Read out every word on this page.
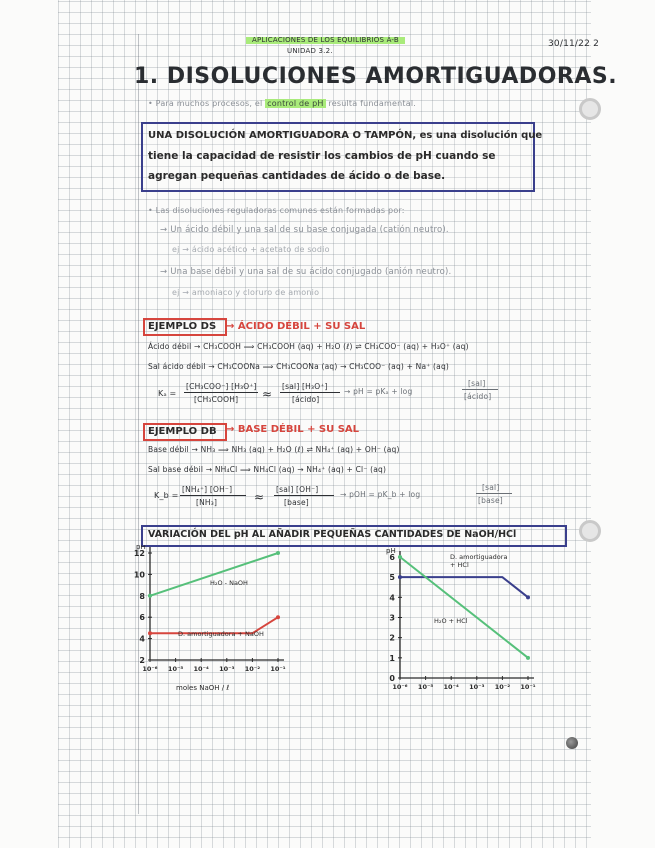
APLICACIONES DE LOS EQUILIBRIOS Á-B
UNIDAD 3.2.
30/11/22 2
1. DISOLUCIONES AMORTIGUADORAS.
• Para muchos procesos, el control de pH resulta fundamental.
UNA DISOLUCIÓN AMORTIGUADORA O TAMPÓN, es una disolución que
tiene la capacidad de resistir los cambios de pH cuando se
agregan pequeñas cantidades de ácido o de base.
• Las disoluciones reguladoras comunes están formadas por:
→ Un ácido débil y una sal de su base conjugada (catión neutro).
ej → ácido acético + acetato de sodio
→ Una base débil y una sal de su ácido conjugado (anión neutro).
ej → amoniaco y cloruro de amonio
EJEMPLO DS → ÁCIDO DÉBIL + SU SAL
Ácido débil → CH₃COOH ⟹ CH₃COOH (aq) + H₂O (ℓ) ⇌ CH₃COO⁻ (aq) + H₃O⁺ (aq)
Sal ácido débil → CH₃COONa ⟹ CH₃COONa (aq) → CH₃COO⁻ (aq) + Na⁺ (aq)
Kₐ =
[CH₃COO⁻] [H₃O⁺]
[CH₃COOH] ≈
[sal] [H₃O⁺]
[ácido]
→ pH = pKₐ + log
[sal]
[ácido]
EJEMPLO DB → BASE DÉBIL + SU SAL
Base débil → NH₃ ⟹ NH₃ (aq) + H₂O (ℓ) ⇌ NH₄⁺ (aq) + OH⁻ (aq)
Sal base débil → NH₄Cl ⟹ NH₄Cl (aq) → NH₄⁺ (aq) + Cl⁻ (aq)
K_b =
[NH₄⁺] [OH⁻]
[NH₃]	≈
[sal] [OH⁻]
[base]
→ pOH = pK_b + log
[sal]
[base]
VARIACIÓN DEL pH AL AÑADIR PEQUEÑAS CANTIDADES DE NaOH/HCl
2
4
6
8
10
12
10⁻⁶ 10⁻⁵ 10⁻⁴ 10⁻³ 10⁻² 10⁻¹
pH
H₂O - NaOH
D. amortiguadora + NaOH
moles NaOH / ℓ
0
1
2
3
4
5
6
10⁻⁶ 10⁻⁵ 10⁻⁴ 10⁻³ 10⁻² 10⁻¹
pH
D. amortiguadora + HCl
H₂O + HCl
